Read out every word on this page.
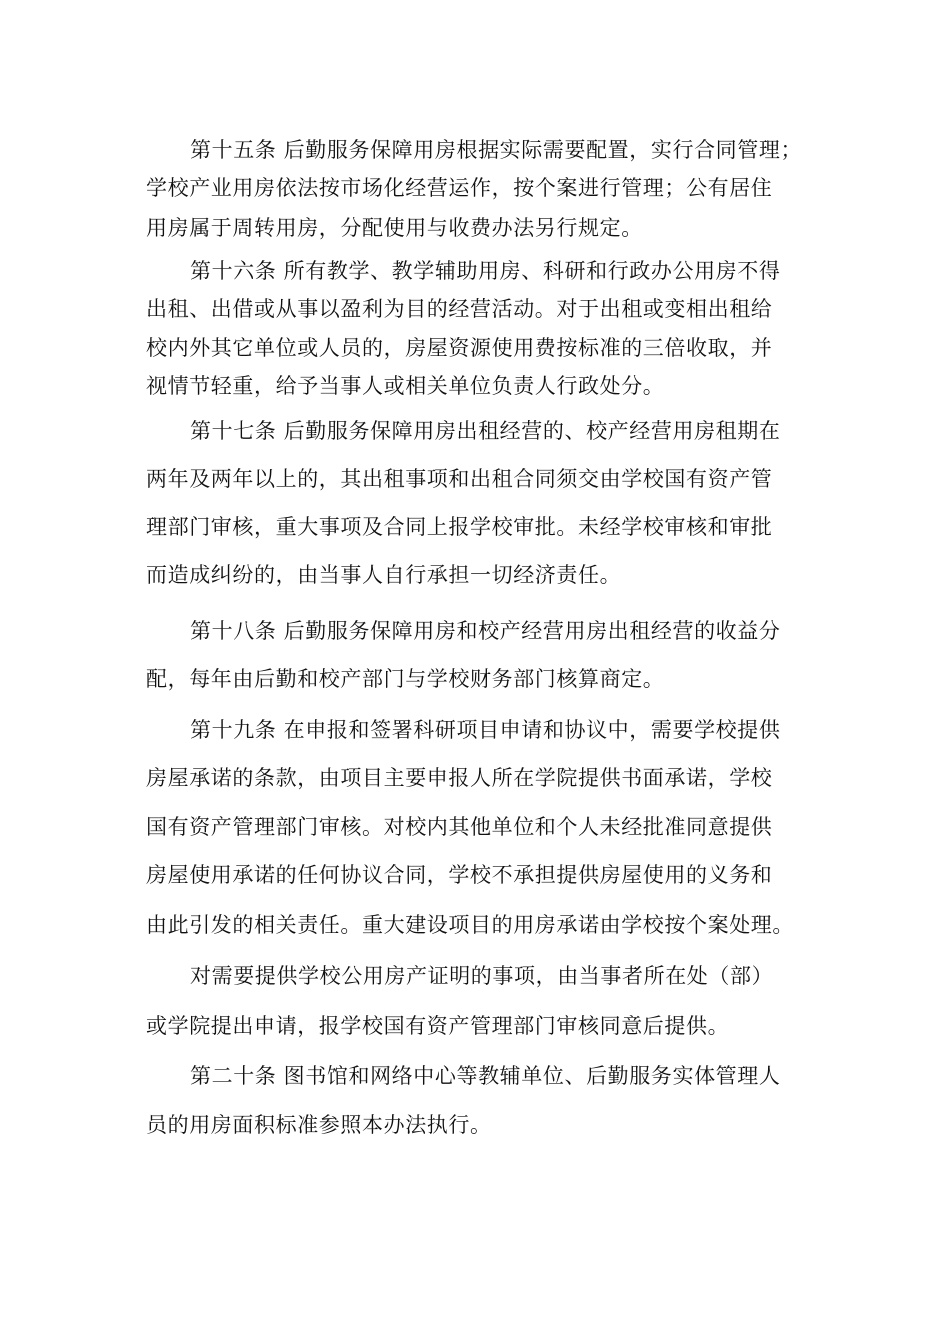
第十五条 后勤服务保障用房根据实际需要配置，实行合同管理；
学校产业用房依法按市场化经营运作，按个案进行管理；公有居住
用房属于周转用房，分配使用与收费办法另行规定。
第十六条 所有教学、教学辅助用房、科研和行政办公用房不得
出租、出借或从事以盈利为目的经营活动。对于出租或变相出租给
校内外其它单位或人员的，房屋资源使用费按标准的三倍收取，并
视情节轻重，给予当事人或相关单位负责人行政处分。
第十七条 后勤服务保障用房出租经营的、校产经营用房租期在
两年及两年以上的，其出租事项和出租合同须交由学校国有资产管
理部门审核，重大事项及合同上报学校审批。未经学校审核和审批
而造成纠纷的，由当事人自行承担一切经济责任。
第十八条 后勤服务保障用房和校产经营用房出租经营的收益分
配，每年由后勤和校产部门与学校财务部门核算商定。
第十九条 在申报和签署科研项目申请和协议中，需要学校提供
房屋承诺的条款，由项目主要申报人所在学院提供书面承诺，学校
国有资产管理部门审核。对校内其他单位和个人未经批准同意提供
房屋使用承诺的任何协议合同，学校不承担提供房屋使用的义务和
由此引发的相关责任。重大建设项目的用房承诺由学校按个案处理。
对需要提供学校公用房产证明的事项，由当事者所在处（部）
或学院提出申请，报学校国有资产管理部门审核同意后提供。
第二十条 图书馆和网络中心等教辅单位、后勤服务实体管理人
员的用房面积标准参照本办法执行。
